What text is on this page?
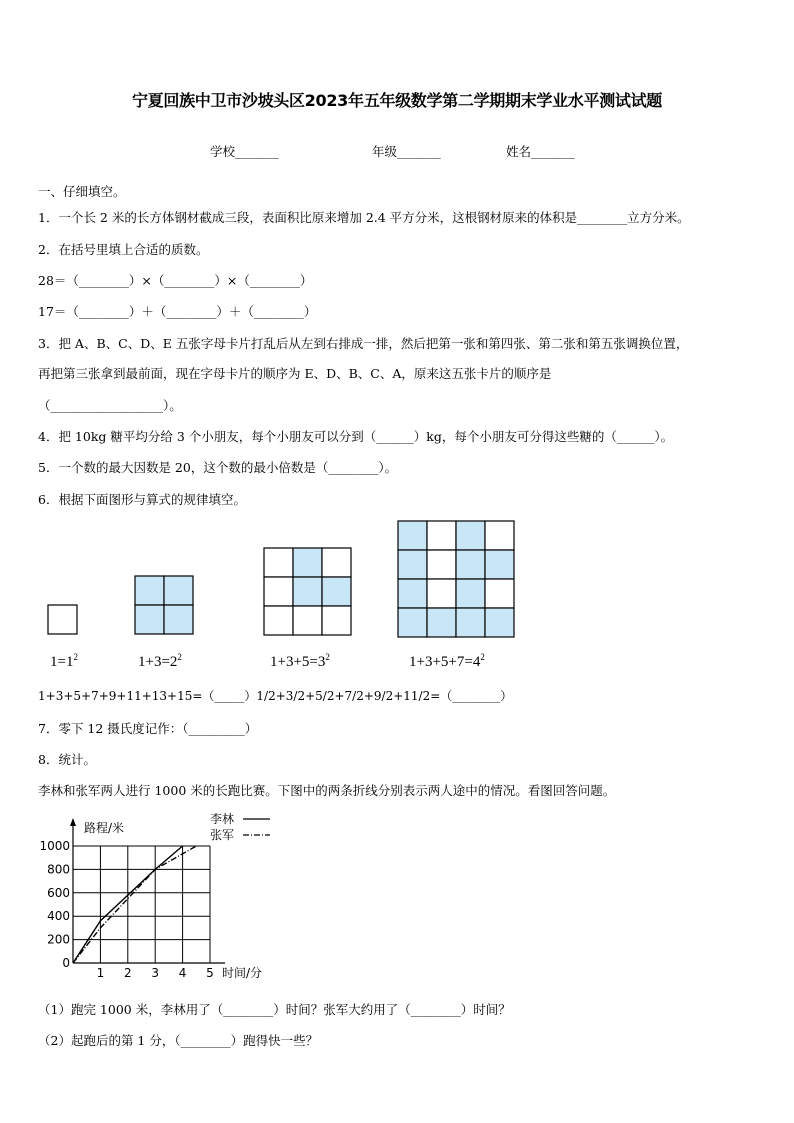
宁夏回族中卫市沙坡头区2023年五年级数学第二学期期末学业水平测试试题
学校_______	年级_______	姓名_______
一、仔细填空。
1．一个长 2 米的长方体钢材截成三段，表面积比原来增加 2.4 平方分米，这根钢材原来的体积是________立方分米。
2．在括号里填上合适的质数。
28＝（________）×（________）×（________）
17＝（________）＋（________）＋（________）
3．把 A、B、C、D、E 五张字母卡片打乱后从左到右排成一排，然后把第一张和第四张、第二张和第五张调换位置，
再把第三张拿到最前面，现在字母卡片的顺序为 E、D、B、C、A，原来这五张卡片的顺序是
（__________________）。
4．把 10kg 糖平均分给 3 个小朋友，每个小朋友可以分到（______）kg，每个小朋友可分得这些糖的（______）。
5．一个数的最大因数是 20，这个数的最小倍数是（________）。
6．根据下面图形与算式的规律填空。
$1=1^2$	$1+3=2^2$	$1+3+5=3^2$	$1+3+5+7=4^2$
1+3+5+7+9+11+13+15=（_____）1/2+3/2+5/2+7/2+9/2+11/2=（________）
7．零下 12 摄氏度记作：（_________）
8．统计。
李林和张军两人进行 1000 米的长跑比赛。下图中的两条折线分别表示两人途中的情况。看图回答问题。
0
200
400
600
800
1000
1 2 3 4 5
路程/米
时间/分
李林
张军
（1）跑完 1000 米，李林用了（________）时间？张军大约用了（________）时间？
（2）起跑后的第 1 分，（________）跑得快一些？
